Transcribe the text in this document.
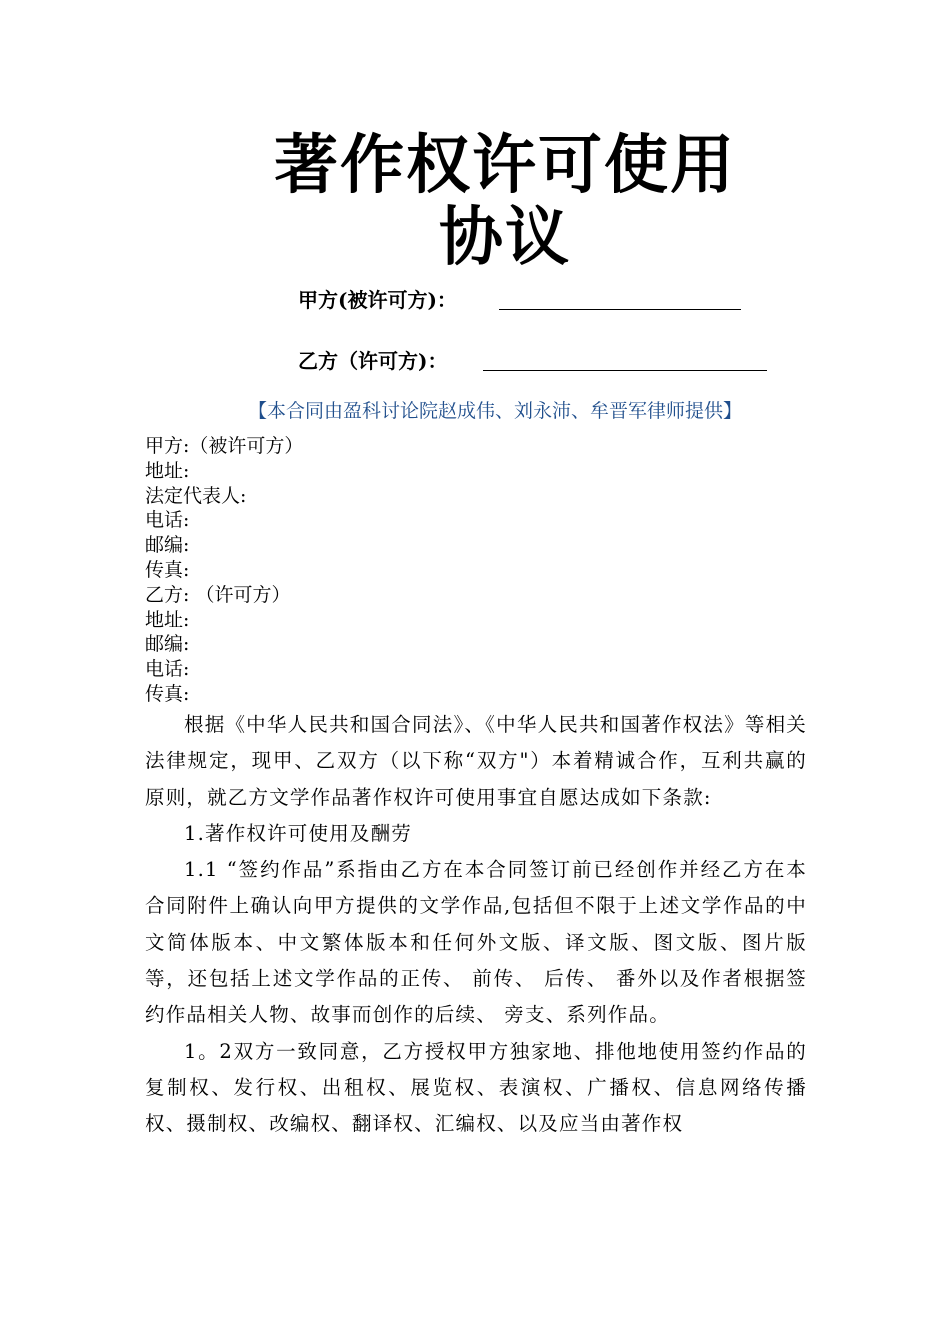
著作权许可使用
协议
甲方(被许可方)：
乙方（许可方)：
【本合同由盈科讨论院赵成伟、刘永沛、牟晋军律师提供】
甲方:（被许可方）
地址:
法定代表人:
电话:
邮编:
传真:
乙方: （许可方）
地址:
邮编:
电话:
传真:

根据《中华人民共和国合同法》、《中华人民共和国著作权法》等相关法律规定，现甲、乙双方（以下称“双方"）本着精诚合作，互利共赢的原则，就乙方文学作品著作权许可使用事宜自愿达成如下条款:

1.著作权许可使用及酬劳

1.1 “签约作品”系指由乙方在本合同签订前已经创作并经乙方在本合同附件上确认向甲方提供的文学作品,包括但不限于上述文学作品的中文简体版本、中文繁体版本和任何外文版、译文版、图文版、图片版等，还包括上述文学作品的正传、 前传、 后传、 番外以及作者根据签约作品相关人物、故事而创作的后续、 旁支、系列作品。

1。2双方一致同意，乙方授权甲方独家地、排他地使用签约作品的复制权、发行权、出租权、展览权、表演权、广播权、信息网络传播权、摄制权、改编权、翻译权、汇编权、以及应当由著作权
